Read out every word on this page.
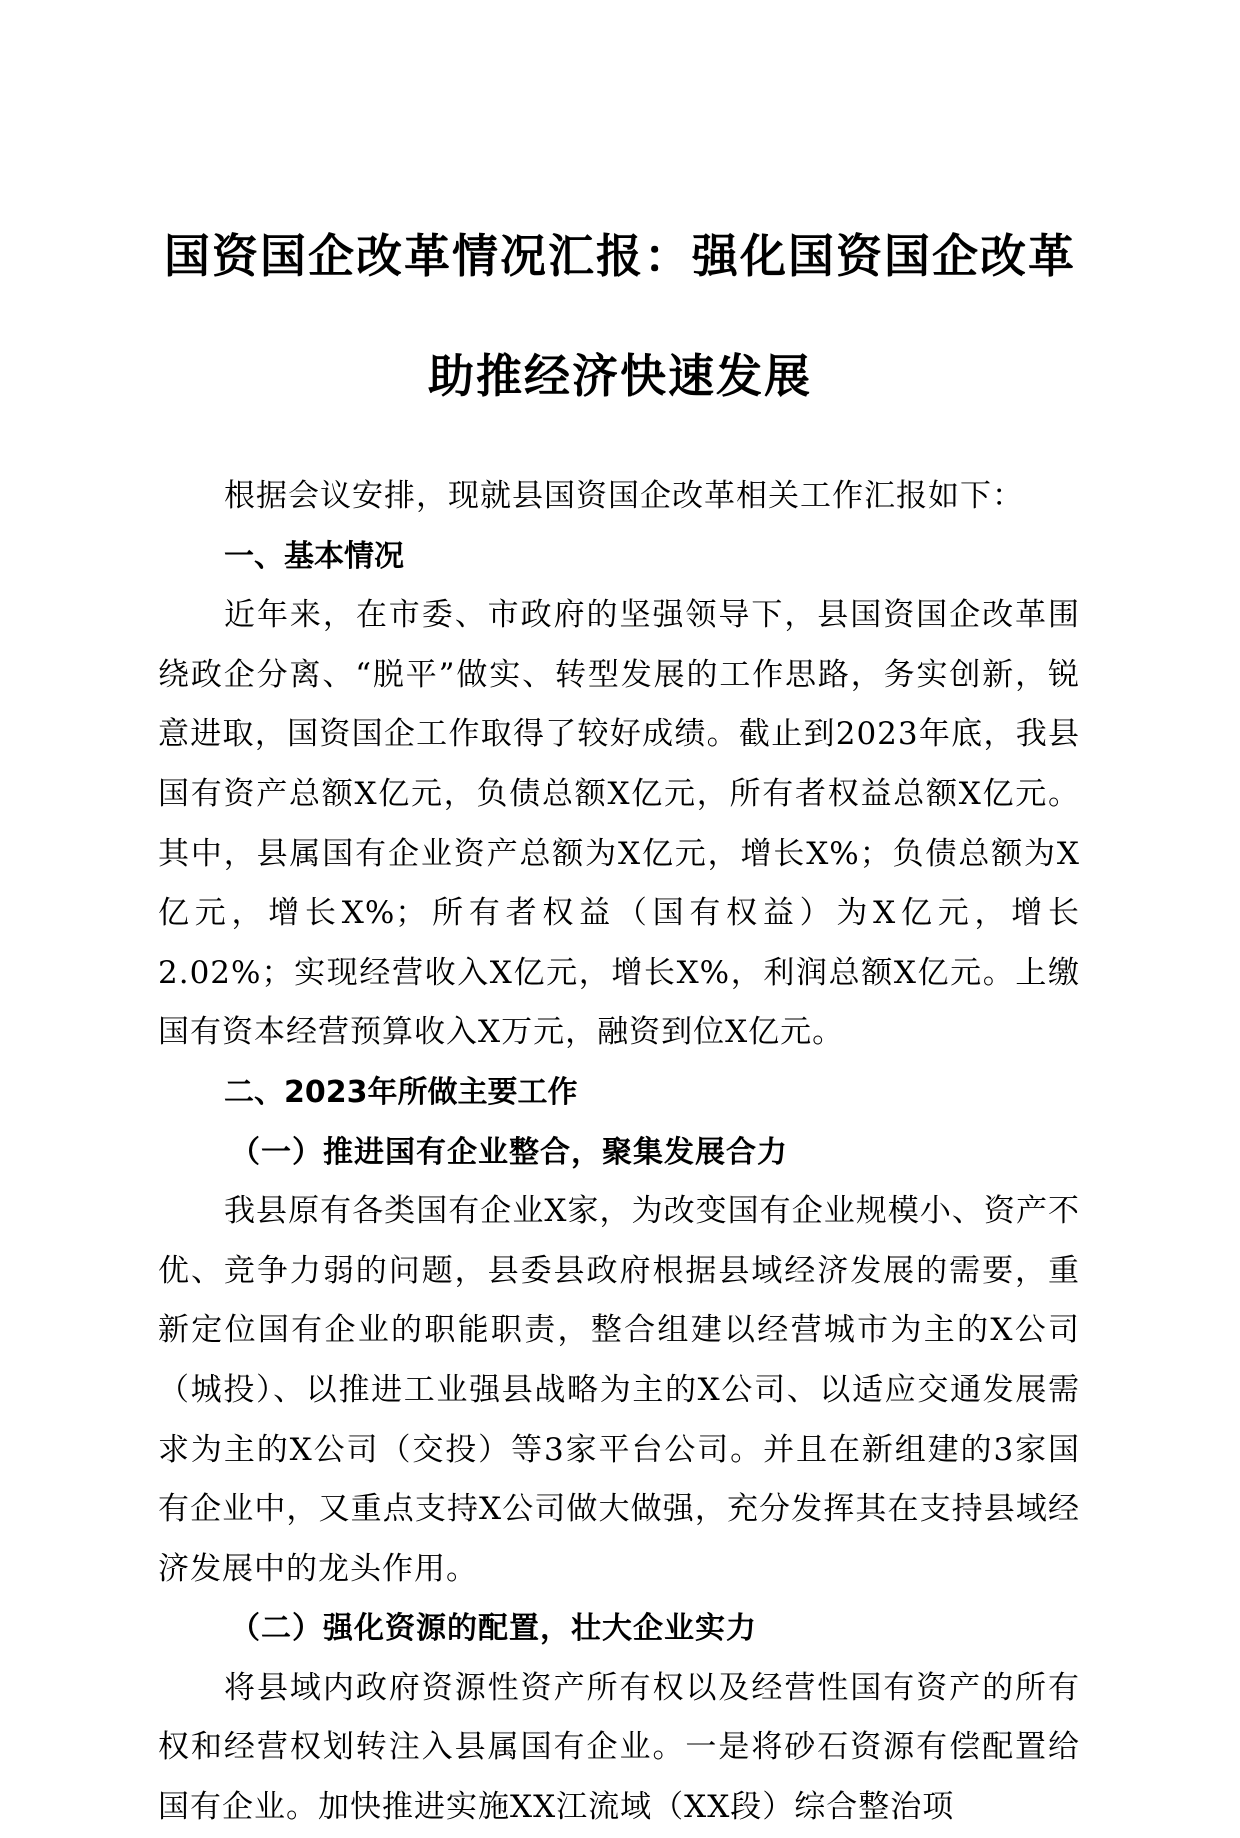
国资国企改革情况汇报：强化国资国企改革
助推经济快速发展

根据会议安排，现就县国资国企改革相关工作汇报如下：

一、基本情况

近年来，在市委、市政府的坚强领导下，县国资国企改革围绕政企分离、“脱平”做实、转型发展的工作思路，务实创新，锐意进取，国资国企工作取得了较好成绩。截止到2023年底，我县国有资产总额X亿元，负债总额X亿元，所有者权益总额X亿元。其中，县属国有企业资产总额为X亿元，增长X%；负债总额为X亿元，增长X%；所有者权益（国有权益）为X亿元，增长2.02%；实现经营收入X亿元，增长X%，利润总额X亿元。上缴国有资本经营预算收入X万元，融资到位X亿元。

二、2023年所做主要工作

（一）推进国有企业整合，聚集发展合力

我县原有各类国有企业X家，为改变国有企业规模小、资产不优、竞争力弱的问题，县委县政府根据县域经济发展的需要，重新定位国有企业的职能职责，整合组建以经营城市为主的X公司（城投）、以推进工业强县战略为主的X公司、以适应交通发展需求为主的X公司（交投）等3家平台公司。并且在新组建的3家国有企业中，又重点支持X公司做大做强，充分发挥其在支持县域经济发展中的龙头作用。

（二）强化资源的配置，壮大企业实力

将县域内政府资源性资产所有权以及经营性国有资产的所有权和经营权划转注入县属国有企业。一是将砂石资源有偿配置给国有企业。加快推进实施XX江流域（XX段）综合整治项
